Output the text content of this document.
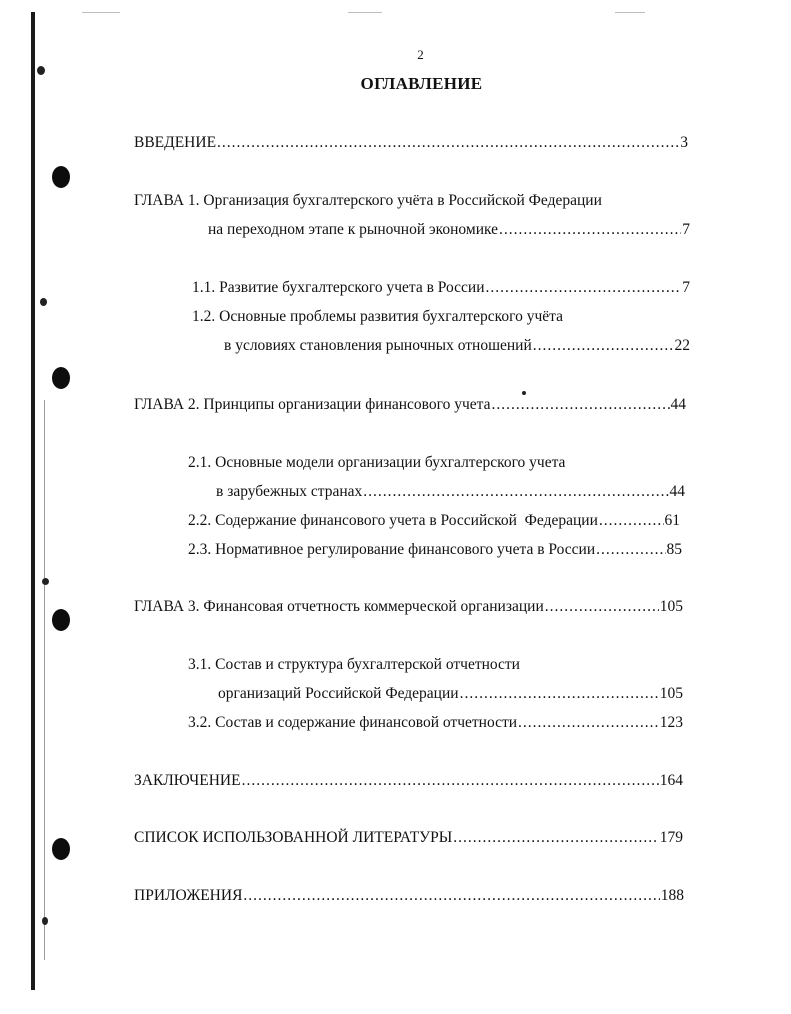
2
ОГЛАВЛЕНИЕ
ВВЕДЕНИЕ .....	3
ГЛАВА 1. Организация бухгалтерского учёта в Российской Федерации
на переходном этапе к рыночной экономике .....	7
1.1. Развитие бухгалтерского учета в России .....	7
1.2. Основные проблемы развития бухгалтерского учёта
в условиях становления рыночных отношений .....	22
ГЛАВА 2. Принципы организации финансового учета .....	44
2.1. Основные модели организации бухгалтерского учета
в зарубежных странах .....	44
2.2. Содержание финансового учета в Российской  Федерации .....	61
2.3. Нормативное регулирование финансового учета в России .....	85
ГЛАВА 3. Финансовая отчетность коммерческой организации .....	105
3.1. Состав и структура бухгалтерской отчетности
организаций Российской Федерации .....	105
3.2. Состав и содержание финансовой отчетности .....	123
ЗАКЛЮЧЕНИЕ .....	164
СПИСОК ИСПОЛЬЗОВАННОЙ ЛИТЕРАТУРЫ .....	179
ПРИЛОЖЕНИЯ .....	188
